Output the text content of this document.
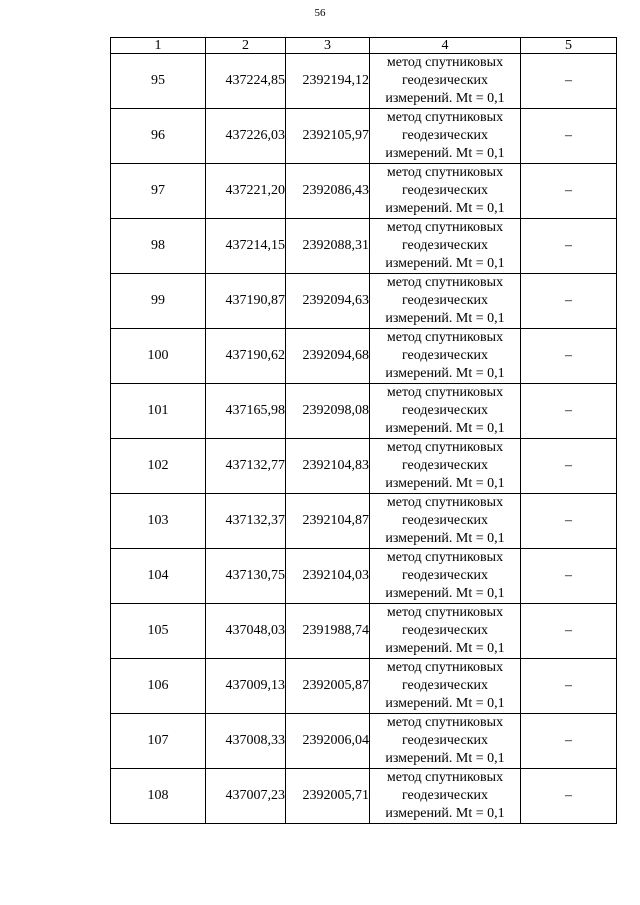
56
1	2	3	4	5
95	437224,85	2392194,12	метод спутниковых
геодезических
измерений. Mt = 0,1	–
96	437226,03	2392105,97	метод спутниковых
геодезических
измерений. Mt = 0,1	–
97	437221,20	2392086,43	метод спутниковых
геодезических
измерений. Mt = 0,1	–
98	437214,15	2392088,31	метод спутниковых
геодезических
измерений. Mt = 0,1	–
99	437190,87	2392094,63	метод спутниковых
геодезических
измерений. Mt = 0,1	–
100	437190,62	2392094,68	метод спутниковых
геодезических
измерений. Mt = 0,1	–
101	437165,98	2392098,08	метод спутниковых
геодезических
измерений. Mt = 0,1	–
102	437132,77	2392104,83	метод спутниковых
геодезических
измерений. Mt = 0,1	–
103	437132,37	2392104,87	метод спутниковых
геодезических
измерений. Mt = 0,1	–
104	437130,75	2392104,03	метод спутниковых
геодезических
измерений. Mt = 0,1	–
105	437048,03	2391988,74	метод спутниковых
геодезических
измерений. Mt = 0,1	–
106	437009,13	2392005,87	метод спутниковых
геодезических
измерений. Mt = 0,1	–
107	437008,33	2392006,04	метод спутниковых
геодезических
измерений. Mt = 0,1	–
108	437007,23	2392005,71	метод спутниковых
геодезических
измерений. Mt = 0,1	–
